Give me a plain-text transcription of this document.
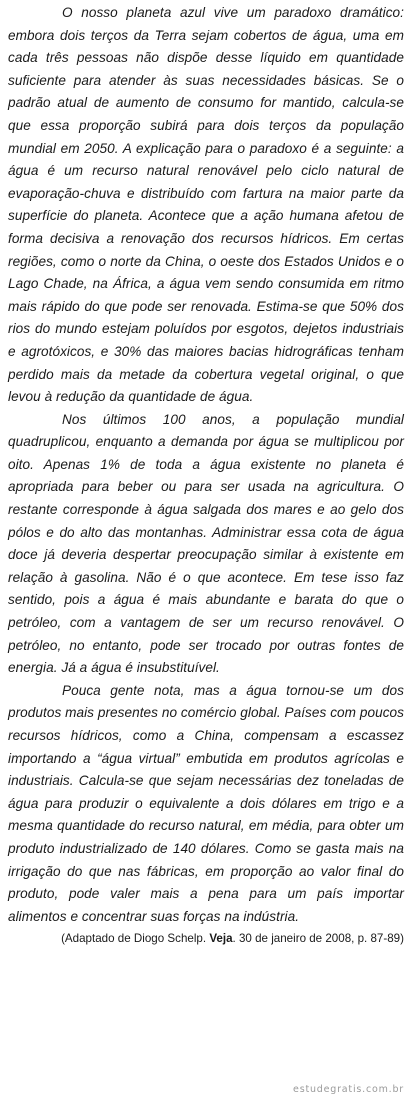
O nosso planeta azul vive um paradoxo dramático: embora dois terços da Terra sejam cobertos de água, uma em cada três pessoas não dispõe desse líquido em quantidade suficiente para atender às suas necessidades básicas. Se o padrão atual de aumento de consumo for mantido, calcula-se que essa proporção subirá para dois terços da população mundial em 2050. A explicação para o paradoxo é a seguinte: a água é um recurso natural renovável pelo ciclo natural de evaporação-chuva e distribuído com fartura na maior parte da superfície do planeta. Acontece que a ação humana afetou de forma decisiva a renovação dos recursos hídricos. Em certas regiões, como o norte da China, o oeste dos Estados Unidos e o Lago Chade, na África, a água vem sendo consumida em ritmo mais rápido do que pode ser renovada. Estima-se que 50% dos rios do mundo estejam poluídos por esgotos, dejetos industriais e agrotóxicos, e 30% das maiores bacias hidrográficas tenham perdido mais da metade da cobertura vegetal original, o que levou à redução da quantidade de água.

Nos últimos 100 anos, a população mundial quadruplicou, enquanto a demanda por água se multiplicou por oito. Apenas 1% de toda a água existente no planeta é apropriada para beber ou para ser usada na agricultura. O restante corresponde à água salgada dos mares e ao gelo dos pólos e do alto das montanhas. Administrar essa cota de água doce já deveria despertar preocupação similar à existente em relação à gasolina. Não é o que acontece. Em tese isso faz sentido, pois a água é mais abundante e barata do que o petróleo, com a vantagem de ser um recurso renovável. O petróleo, no entanto, pode ser trocado por outras fontes de energia. Já a água é insubstituível.

Pouca gente nota, mas a água tornou-se um dos produtos mais presentes no comércio global. Países com poucos recursos hídricos, como a China, compensam a escassez importando a “água virtual” embutida em produtos agrícolas e industriais. Calcula-se que sejam necessárias dez toneladas de água para produzir o equivalente a dois dólares em trigo e a mesma quantidade do recurso natural, em média, para obter um produto industrializado de 140 dólares. Como se gasta mais na irrigação do que nas fábricas, em proporção ao valor final do produto, pode valer mais a pena para um país importar alimentos e concentrar suas forças na indústria.

(Adaptado de Diogo Schelp. Veja. 30 de janeiro de 2008, p. 87-89)

estudegratis.com.br
